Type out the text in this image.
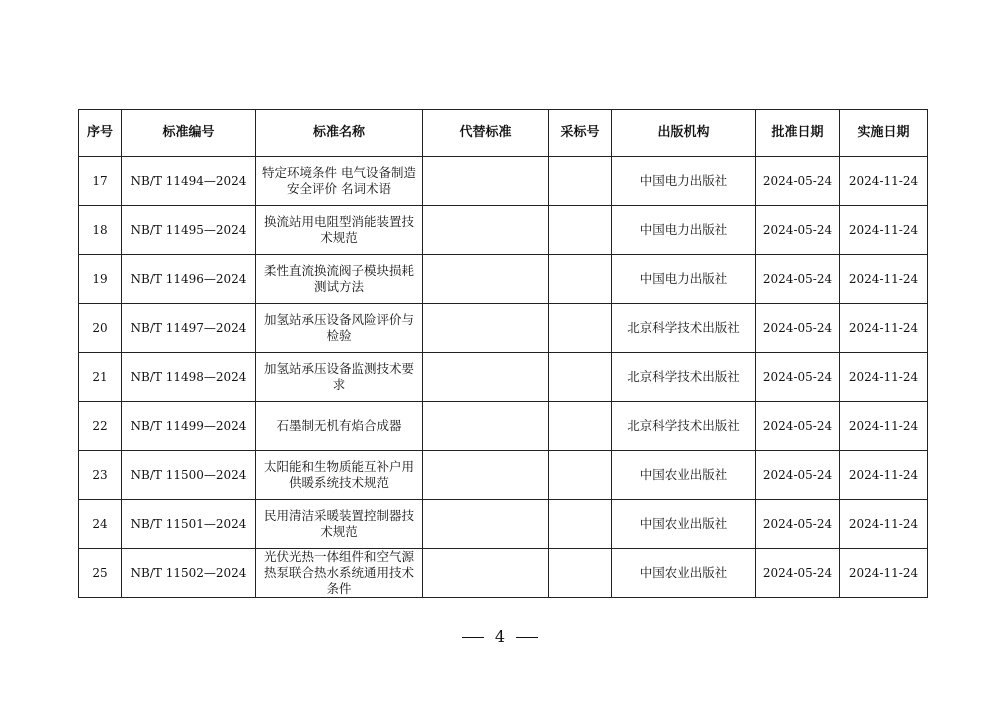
序号	标准编号	标准名称	代替标准	采标号	出版机构	批准日期	实施日期
17	NB/T 11494—2024	特定环境条件 电气设备制造安全评价 名词术语			中国电力出版社	2024-05-24	2024-11-24
18	NB/T 11495—2024	换流站用电阻型消能装置技术规范			中国电力出版社	2024-05-24	2024-11-24
19	NB/T 11496—2024	柔性直流换流阀子模块损耗测试方法			中国电力出版社	2024-05-24	2024-11-24
20	NB/T 11497—2024	加氢站承压设备风险评价与检验			北京科学技术出版社	2024-05-24	2024-11-24
21	NB/T 11498—2024	加氢站承压设备监测技术要求			北京科学技术出版社	2024-05-24	2024-11-24
22	NB/T 11499—2024	石墨制无机有焰合成器			北京科学技术出版社	2024-05-24	2024-11-24
23	NB/T 11500—2024	太阳能和生物质能互补户用供暖系统技术规范			中国农业出版社	2024-05-24	2024-11-24
24	NB/T 11501—2024	民用清洁采暖装置控制器技术规范			中国农业出版社	2024-05-24	2024-11-24
25	NB/T 11502—2024	光伏光热一体组件和空气源热泵联合热水系统通用技术条件			中国农业出版社	2024-05-24	2024-11-24
4
